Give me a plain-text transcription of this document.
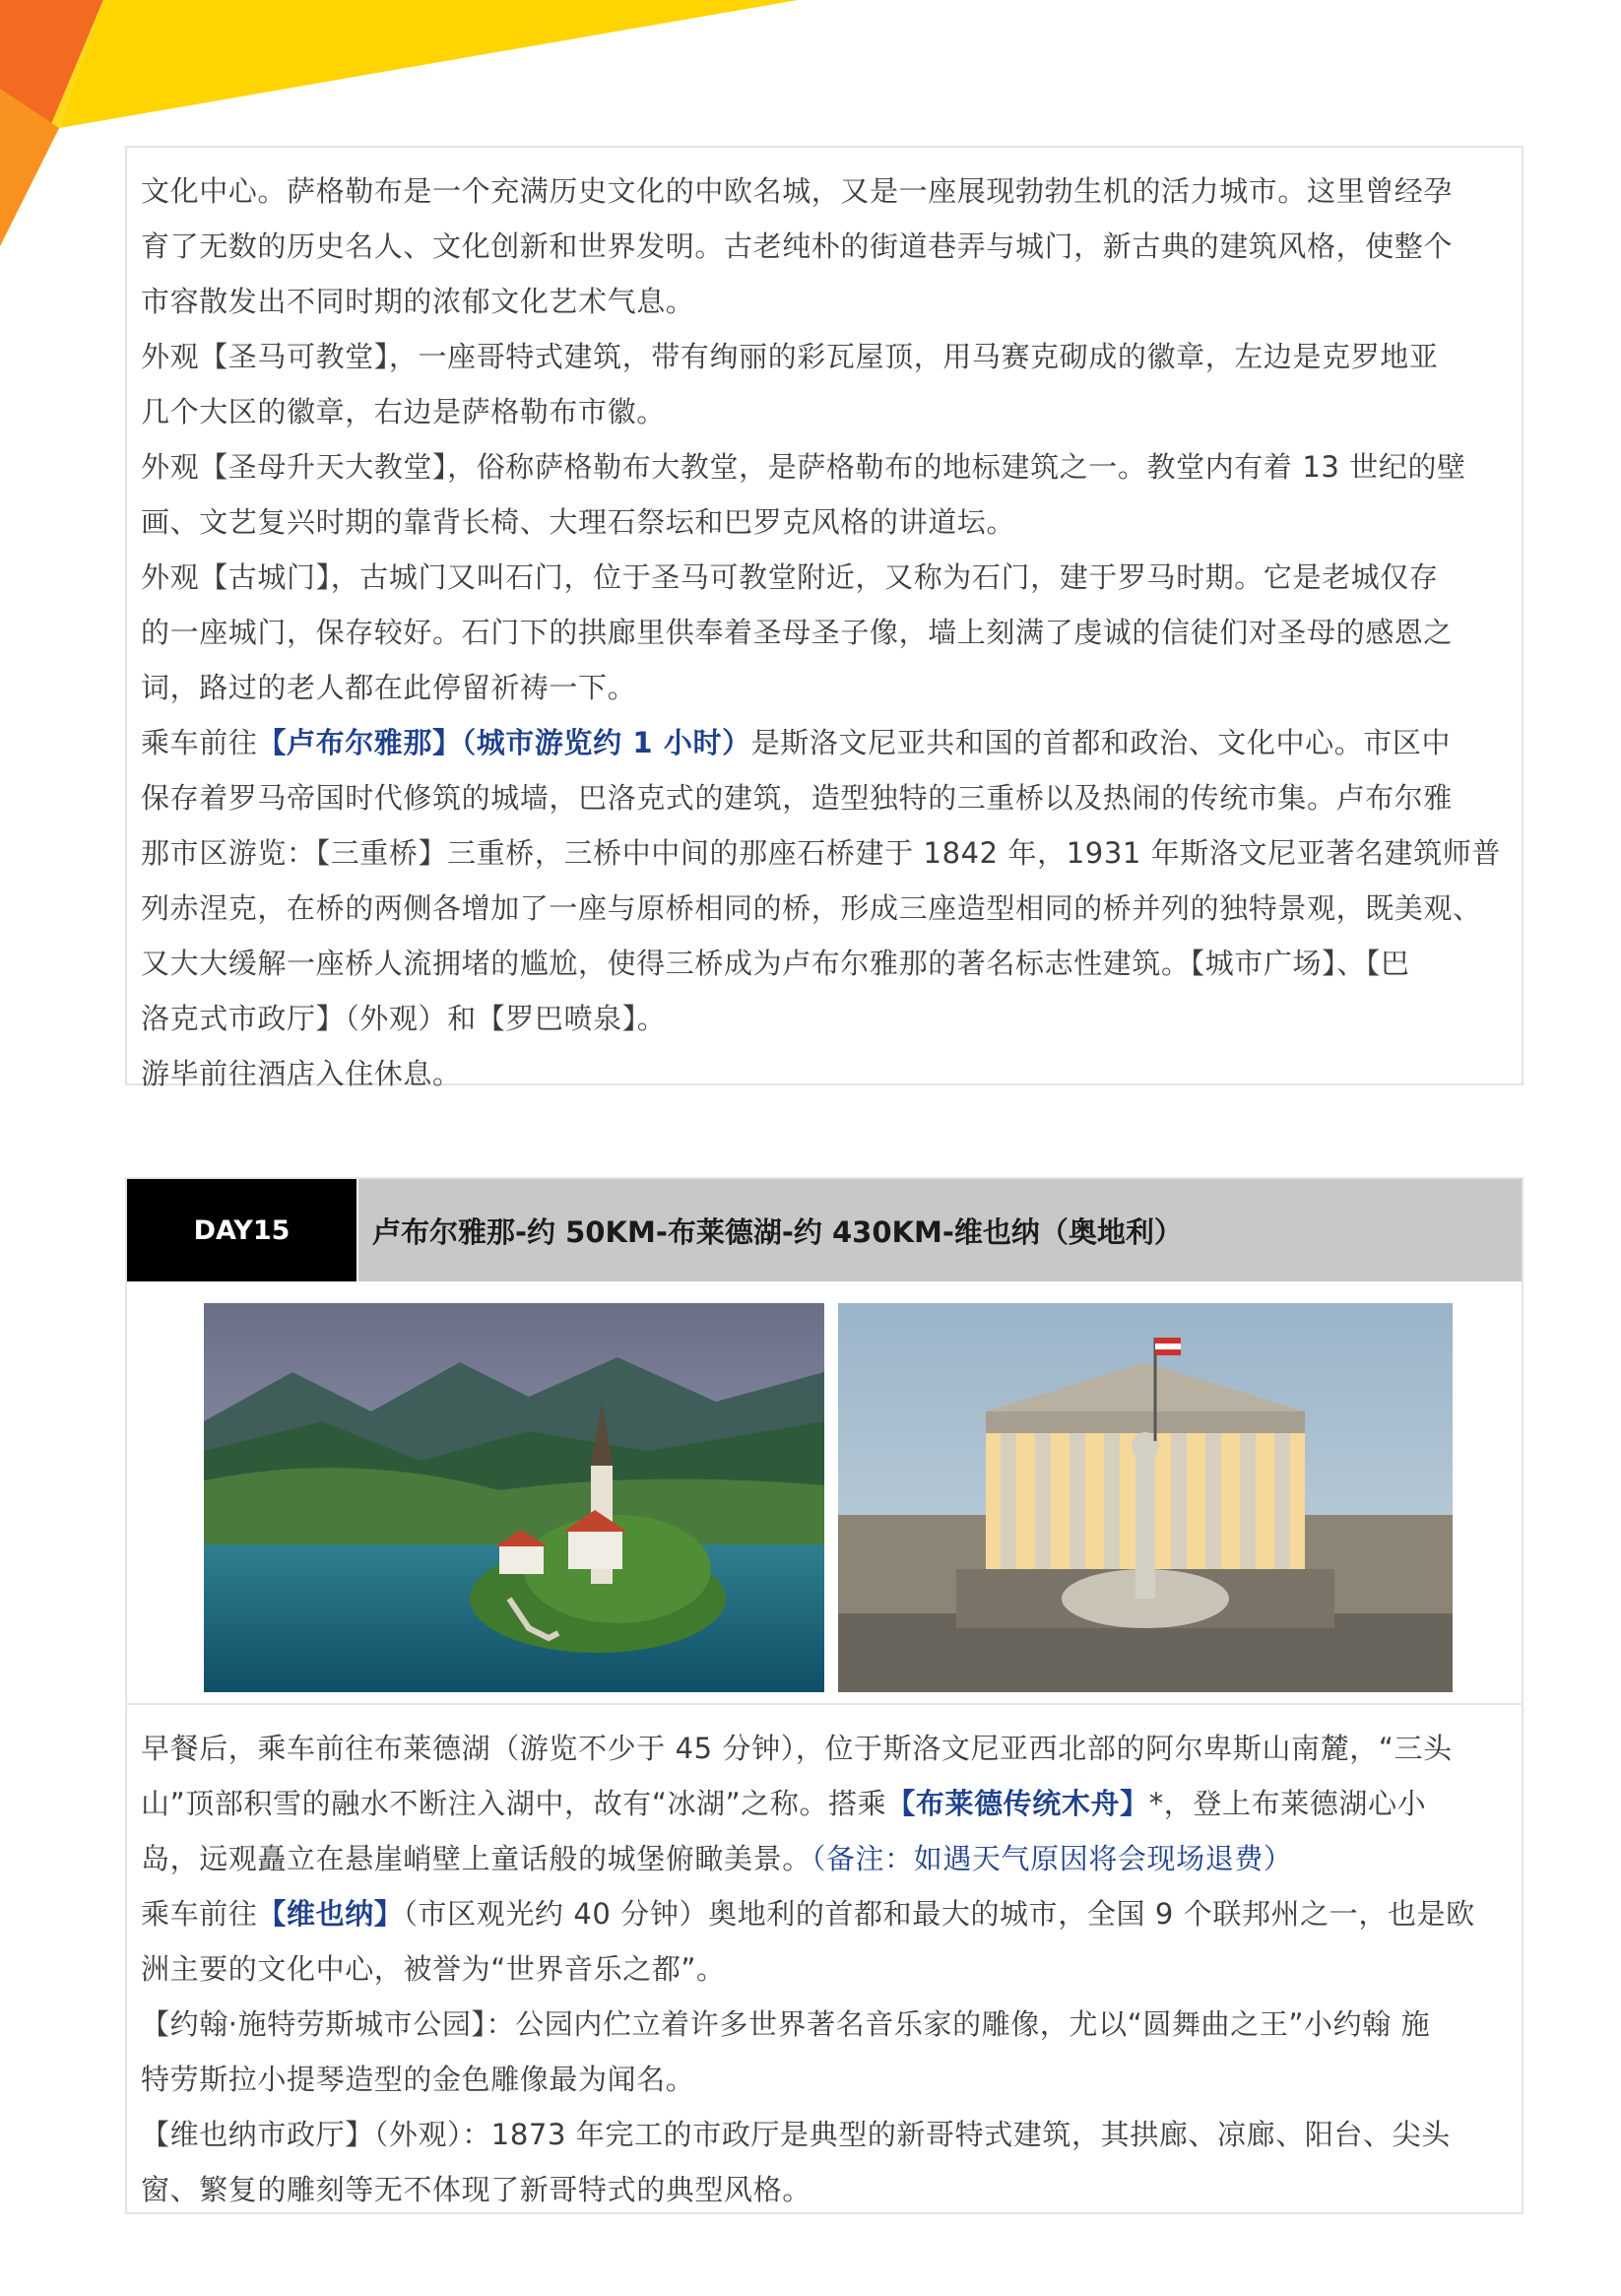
文化中心。萨格勒布是一个充满历史文化的中欧名城，又是一座展现勃勃生机的活力城市。这里曾经孕

育了无数的历史名人、文化创新和世界发明。古老纯朴的街道巷弄与城门，新古典的建筑风格，使整个

市容散发出不同时期的浓郁文化艺术气息。

外观【圣马可教堂】，一座哥特式建筑，带有绚丽的彩瓦屋顶，用马赛克砌成的徽章，左边是克罗地亚

几个大区的徽章，右边是萨格勒布市徽。

外观【圣母升天大教堂】，俗称萨格勒布大教堂，是萨格勒布的地标建筑之一。教堂内有着 13 世纪的壁

画、文艺复兴时期的靠背长椅、大理石祭坛和巴罗克风格的讲道坛。

外观【古城门】，古城门又叫石门，位于圣马可教堂附近，又称为石门，建于罗马时期。它是老城仅存

的一座城门，保存较好。石门下的拱廊里供奉着圣母圣子像，墙上刻满了虔诚的信徒们对圣母的感恩之

词，路过的老人都在此停留祈祷一下。

乘车前往【卢布尔雅那】（城市游览约 1 小时）是斯洛文尼亚共和国的首都和政治、文化中心。市区中

保存着罗马帝国时代修筑的城墙，巴洛克式的建筑，造型独特的三重桥以及热闹的传统市集。卢布尔雅

那市区游览：【三重桥】三重桥，三桥中中间的那座石桥建于 1842 年，1931 年斯洛文尼亚著名建筑师普

列赤涅克，在桥的两侧各增加了一座与原桥相同的桥，形成三座造型相同的桥并列的独特景观，既美观、

又大大缓解一座桥人流拥堵的尴尬，使得三桥成为卢布尔雅那的著名标志性建筑。【城市广场】、【巴

洛克式市政厅】（外观）和【罗巴喷泉】。

游毕前往酒店入住休息。

DAY15	卢布尔雅那-约 50KM-布莱德湖-约 430KM-维也纳（奥地利）

早餐后，乘车前往布莱德湖（游览不少于 45 分钟），位于斯洛文尼亚西北部的阿尔卑斯山南麓，“三头

山”顶部积雪的融水不断注入湖中，故有“冰湖”之称。搭乘【布莱德传统木舟】*，登上布莱德湖心小

岛，远观矗立在悬崖峭壁上童话般的城堡俯瞰美景。（备注：如遇天气原因将会现场退费）

乘车前往【维也纳】（市区观光约 40 分钟）奥地利的首都和最大的城市，全国 9 个联邦州之一，也是欧

洲主要的文化中心，被誉为“世界音乐之都”。

【约翰·施特劳斯城市公园】：公园内伫立着许多世界著名音乐家的雕像，尤以“圆舞曲之王”小约翰 施

特劳斯拉小提琴造型的金色雕像最为闻名。

【维也纳市政厅】（外观）：1873 年完工的市政厅是典型的新哥特式建筑，其拱廊、凉廊、阳台、尖头

窗、繁复的雕刻等无不体现了新哥特式的典型风格。
